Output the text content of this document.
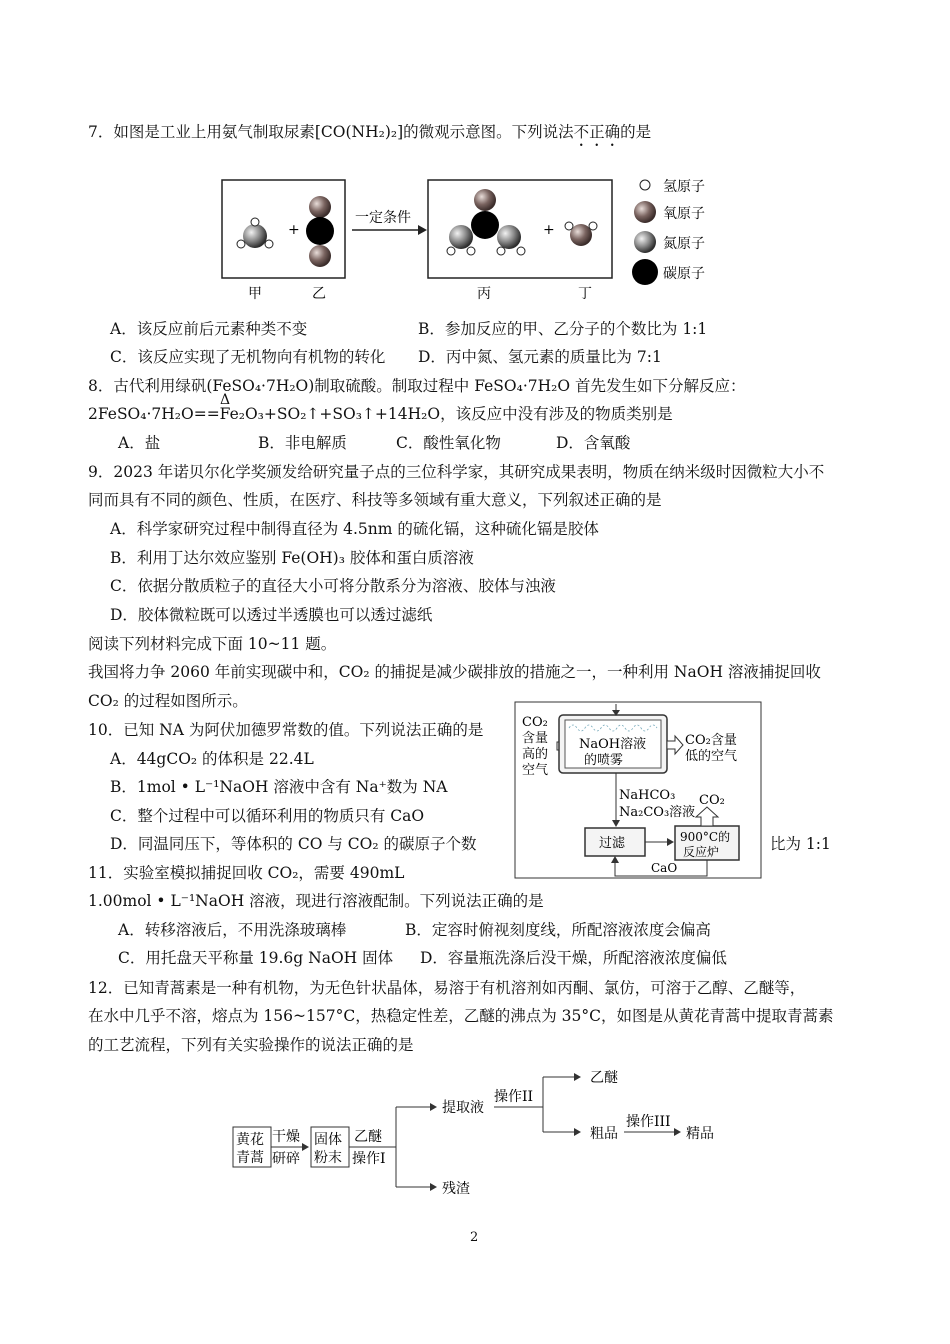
7．如图是工业上用氨气制取尿素[CO(NH₂)₂]的微观示意图。下列说法不正确的是
+
一定条件
+
甲	乙	丙	丁
氢原子
氧原子
氮原子
碳原子
A．该反应前后元素种类不变	B．参加反应的甲、乙分子的个数比为 1:1
C．该反应实现了无机物向有机物的转化 D．丙中氮、氢元素的质量比为 7:1
8．古代利用绿矾(FeSO₄·7H₂O)制取硫酸。制取过程中 FeSO₄·7H₂O 首先发生如下分解反应：
Δ
2FeSO₄·7H₂O==Fe₂O₃+SO₂↑+SO₃↑+14H₂O，该反应中没有涉及的物质类别是
A．盐	B．非电解质	C．酸性氧化物	D．含氧酸
9．2023 年诺贝尔化学奖颁发给研究量子点的三位科学家，其研究成果表明，物质在纳米级时因微粒大小不
同而具有不同的颜色、性质，在医疗、科技等多领域有重大意义，下列叙述正确的是
A．科学家研究过程中制得直径为 4.5nm 的硫化镉，这种硫化镉是胶体
B．利用丁达尔效应鉴别 Fe(OH)₃ 胶体和蛋白质溶液
C．依据分散质粒子的直径大小可将分散系分为溶液、胶体与浊液
D．胶体微粒既可以透过半透膜也可以透过滤纸
阅读下列材料完成下面 10~11 题。
我国将力争 2060 年前实现碳中和，CO₂ 的捕捉是减少碳排放的措施之一，一种利用 NaOH 溶液捕捉回收
CO₂ 的过程如图所示。
10．已知 NA 为阿伏加德罗常数的值。下列说法正确的是
A．44gCO₂ 的体积是 22.4L
B．1mol • L⁻¹NaOH 溶液中含有 Na⁺数为 NA
C．整个过程中可以循环利用的物质只有 CaO
D．同温同压下，等体积的 CO 与 CO₂ 的碳原子个数	比为 1:1
CO₂
含量
高的
空气
NaOH溶液
的喷雾
CO₂含量
低的空气
NaHCO₃
Na₂CO₃溶液
过滤	900°C的
反应炉
CO₂
CaO
11．实验室模拟捕捉回收 CO₂，需要 490mL
1.00mol • L⁻¹NaOH 溶液，现进行溶液配制。下列说法正确的是
A．转移溶液后，不用洗涤玻璃棒	B．定容时俯视刻度线，所配溶液浓度会偏高
C．用托盘天平称量 19.6g NaOH 固体 D．容量瓶洗涤后没干燥，所配溶液浓度偏低
12．已知青蒿素是一种有机物，为无色针状晶体，易溶于有机溶剂如丙酮、氯仿，可溶于乙醇、乙醚等，
在水中几乎不溶，熔点为 156~157°C，热稳定性差，乙醚的沸点为 35°C，如图是从黄花青蒿中提取青蒿素
的工艺流程，下列有关实验操作的说法正确的是
黄花
青蒿
干燥
研碎
固体
粉末
乙醚
操作I
提取液
残渣
操作II
乙醚
粗品
操作III
精品
2
